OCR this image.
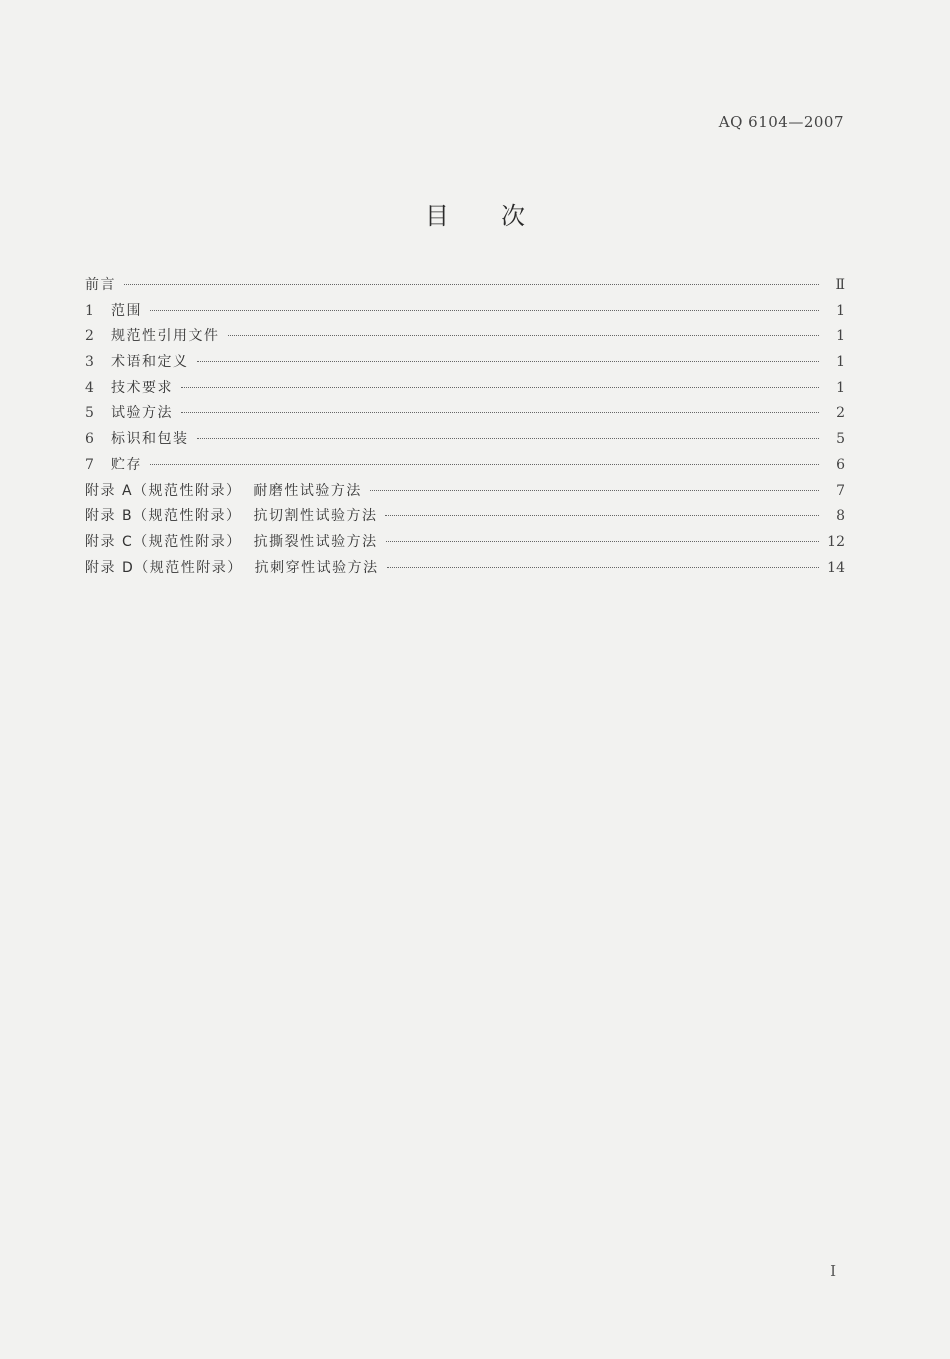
AQ 6104—2007
目次
前言	Ⅱ
1	范围	1
2	规范性引用文件	1
3	术语和定义	1
4	技术要求	1
5	试验方法	2
6	标识和包装	5
7	贮存	6
附录 A（规范性附录）  耐磨性试验方法	7
附录 B（规范性附录）  抗切割性试验方法	8
附录 C（规范性附录）  抗撕裂性试验方法	12
附录 D（规范性附录）  抗刺穿性试验方法	14
Ⅰ
